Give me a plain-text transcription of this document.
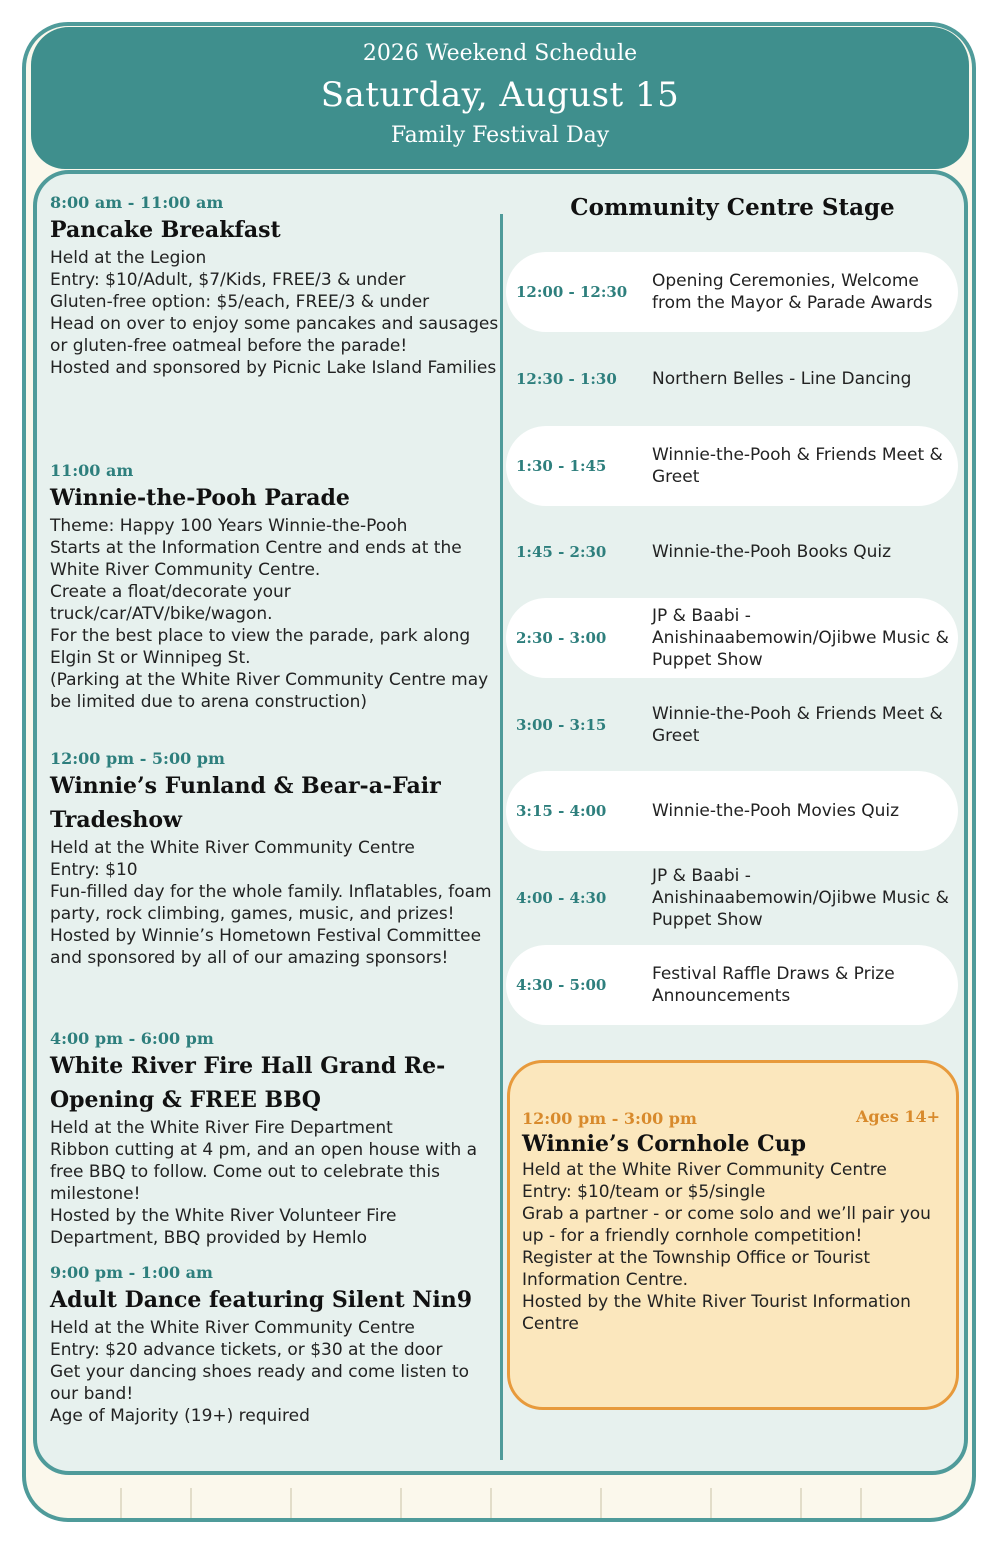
2026 Weekend Schedule
Saturday, August 15
Family Festival Day
8:00 am - 11:00 am
Pancake Breakfast
Held at the Legion
Entry: $10/Adult, $7/Kids, FREE/3 & under
Gluten-free option: $5/each, FREE/3 & under
Head on over to enjoy some pancakes and sausages or gluten-free oatmeal before the parade!
Hosted and sponsored by Picnic Lake Island Families
11:00 am
Winnie-the-Pooh Parade
Theme: Happy 100 Years Winnie-the-Pooh
Starts at the Information Centre and ends at the White River Community Centre.
Create a float/decorate your truck/car/ATV/bike/wagon.
For the best place to view the parade, park along Elgin St or Winnipeg St.
(Parking at the White River Community Centre may be limited due to arena construction)
12:00 pm - 5:00 pm
Winnie’s Funland & Bear-a-Fair Tradeshow
Held at the White River Community Centre
Entry: $10
Fun-filled day for the whole family. Inflatables, foam party, rock climbing, games, music, and prizes!
Hosted by Winnie’s Hometown Festival Committee and sponsored by all of our amazing sponsors!
4:00 pm - 6:00 pm
White River Fire Hall Grand Re-Opening & FREE BBQ
Held at the White River Fire Department
Ribbon cutting at 4 pm, and an open house with a free BBQ to follow. Come out to celebrate this milestone!
Hosted by the White River Volunteer Fire Department, BBQ provided by Hemlo
9:00 pm - 1:00 am
Adult Dance featuring Silent Nin9
Held at the White River Community Centre
Entry: $20 advance tickets, or $30 at the door
Get your dancing shoes ready and come listen to our band!
Age of Majority (19+) required
Community Centre Stage
12:00 - 12:30
Opening Ceremonies, Welcome from the Mayor & Parade Awards
12:30 - 1:30 Northern Belles - Line Dancing
1:30 - 1:45
Winnie-the-Pooh & Friends Meet & Greet
1:45 - 2:30	Winnie-the-Pooh Books Quiz
2:30 - 3:00
JP & Baabi - Anishinaabemowin/Ojibwe Music & Puppet Show
3:00 - 3:15
Winnie-the-Pooh & Friends Meet & Greet
3:15 - 4:00	Winnie-the-Pooh Movies Quiz
4:00 - 4:30
JP & Baabi - Anishinaabemowin/Ojibwe Music & Puppet Show
4:30 - 5:00
Festival Raffle Draws & Prize Announcements
12:00 pm - 3:00 pm	Ages 14+
Winnie’s Cornhole Cup
Held at the White River Community Centre
Entry: $10/team or $5/single
Grab a partner - or come solo and we’ll pair you up - for a friendly cornhole competition!
Register at the Township Office or Tourist Information Centre.
Hosted by the White River Tourist Information Centre
